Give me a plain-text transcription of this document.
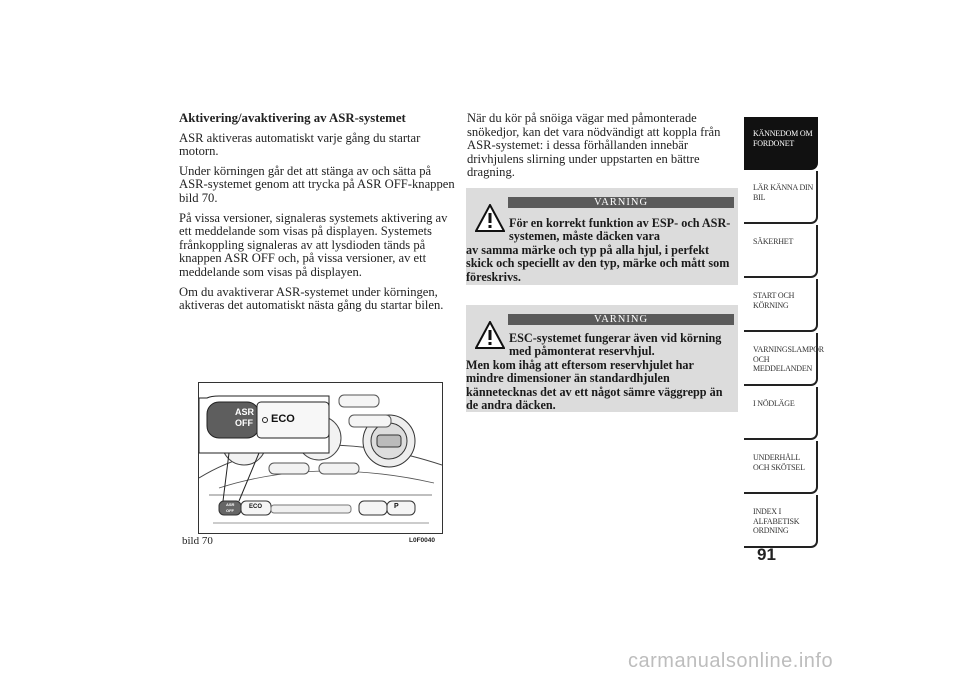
Aktivering/avaktivering av ASR-systemet

ASR aktiveras automatiskt varje gång du startar motorn.

Under körningen går det att stänga av och sätta på ASR-systemet genom att trycka på ASR OFF-knappen bild 70.

På vissa versioner, signaleras systemets aktivering av ett meddelande som visas på displayen. Systemets frånkoppling signaleras av att lysdioden tänds på knappen ASR OFF och, på vissa versioner, av ett meddelande som visas på displayen.

Om du avaktiverar ASR-systemet under körningen, aktiveras det automatiskt nästa gång du startar bilen.

När du kör på snöiga vägar med påmonterade snökedjor, kan det vara nödvändigt att koppla från ASR-systemet: i dessa förhållanden innebär drivhjulens slirning under uppstarten en bättre dragning.

VARNING
För en korrekt funktion av ESP- och ASR-systemen, måste däcken vara
av samma märke och typ på alla hjul, i perfekt skick och speciellt av den typ, märke och mått som föreskrivs.
VARNING
ESC-systemet fungerar även vid körning med påmonterat reservhjul.
Men kom ihåg att eftersom reservhjulet har mindre dimensioner än standardhjulen kännetecknas det av ett något sämre väggrepp än de andra däcken.
ASR
OFF ECO
ASR
OFF
ECO	P
bild 70	L0F0040
KÄNNEDOM OM FORDONET
LÄR KÄNNA DIN BIL
SÄKERHET
START OCH KÖRNING
VARNINGSLAMPOR OCH MEDDELANDEN
I NÖDLÄGE
UNDERHÅLL OCH SKÖTSEL
INDEX I ALFABETISK ORDNING
91
carmanualsonline.info
